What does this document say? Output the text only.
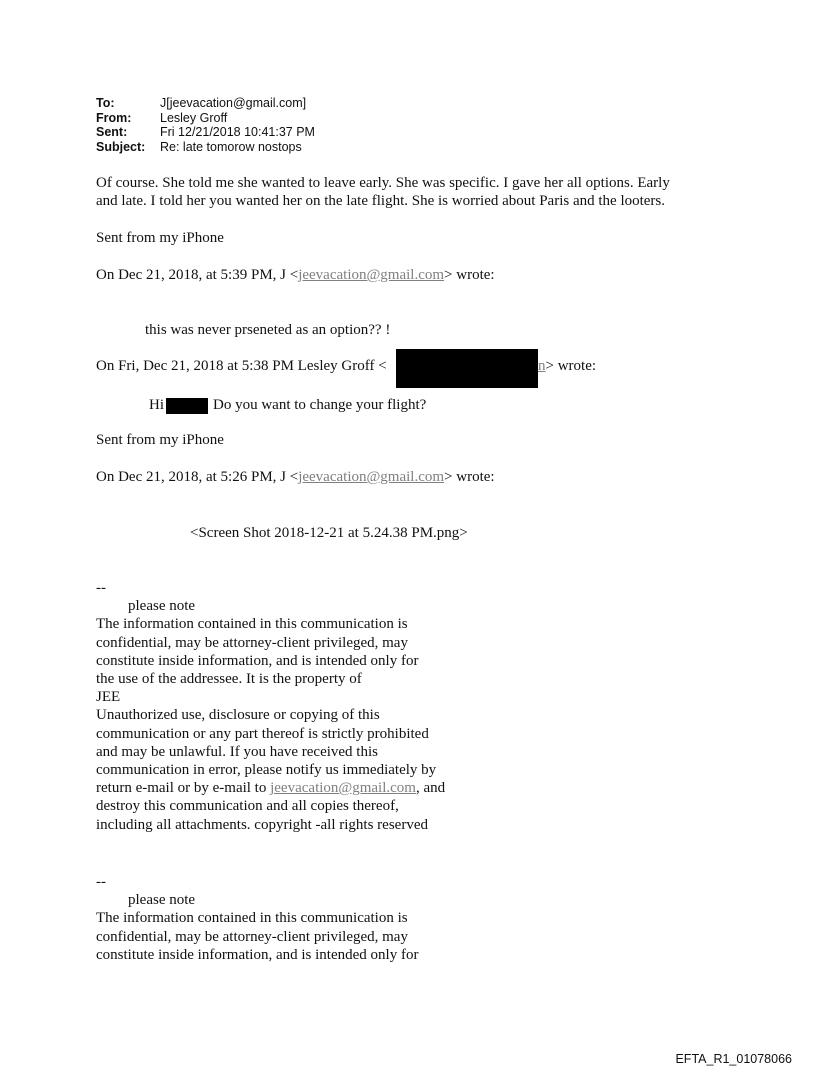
To:	J[jeevacation@gmail.com]
From:	Lesley Groff
Sent:	Fri 12/21/2018 10:41:37 PM
Subject:	Re: late tomorow nostops
Of course. She told me she wanted to leave early. She was specific. I gave her all options. Early
and late. I told her you wanted her on the late flight. She is worried about Paris and the looters.
Sent from my iPhone
On Dec 21, 2018, at 5:39 PM, J <jeevacation@gmail.com> wrote:
this was never prseneted as an option?? !
On Fri, Dec 21, 2018 at 5:38 PM Lesley Groff <	n> wrote:
Hi	Do you want to change your flight?
Sent from my iPhone
On Dec 21, 2018, at 5:26 PM, J <jeevacation@gmail.com> wrote:
<Screen Shot 2018-12-21 at 5.24.38 PM.png>
--
please note
The information contained in this communication is
confidential, may be attorney-client privileged, may
constitute inside information, and is intended only for
the use of the addressee. It is the property of
JEE
Unauthorized use, disclosure or copying of this
communication or any part thereof is strictly prohibited
and may be unlawful. If you have received this
communication in error, please notify us immediately by
return e-mail or by e-mail to jeevacation@gmail.com, and
destroy this communication and all copies thereof,
including all attachments. copyright -all rights reserved
--
please note
The information contained in this communication is
confidential, may be attorney-client privileged, may
constitute inside information, and is intended only for
EFTA_R1_01078066
